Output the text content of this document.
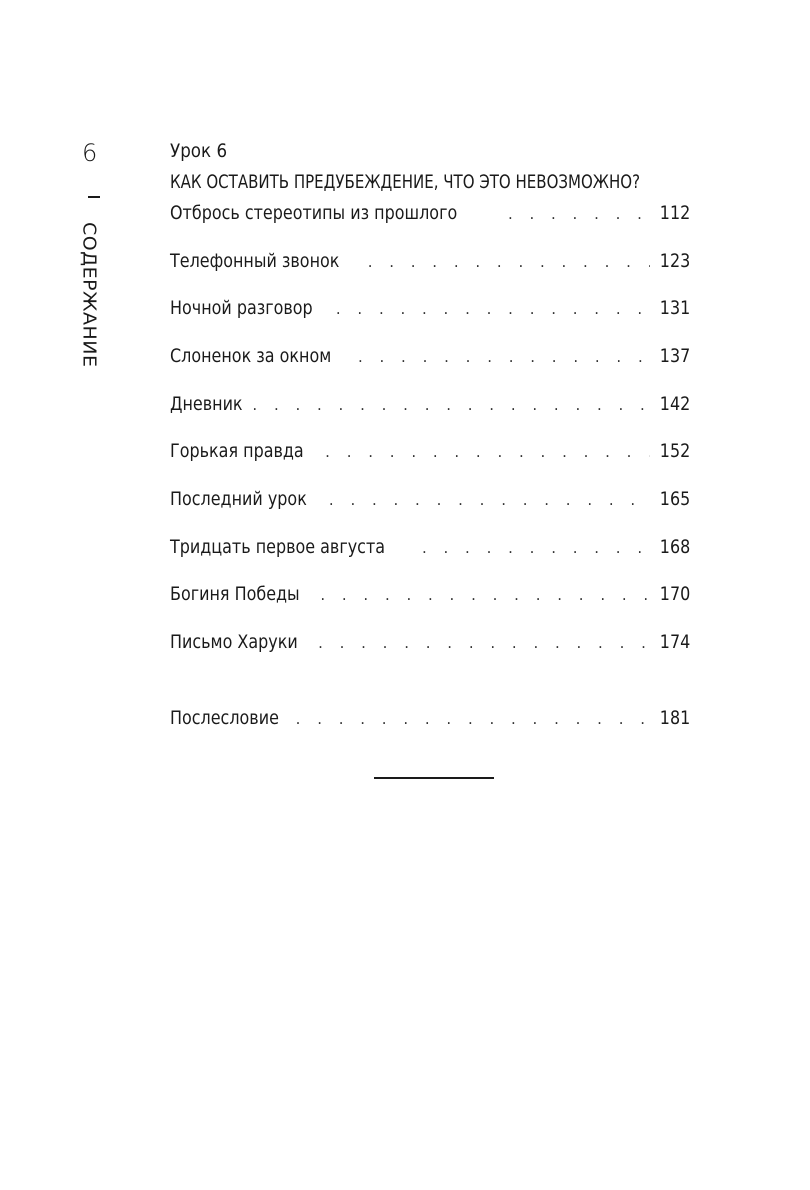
6
СОДЕРЖАНИЕ
Урок 6
КАК ОСТАВИТЬ ПРЕДУБЕЖДЕНИЕ, ЧТО ЭТО НЕВОЗМОЖНО?
Отбрось стереотипы из прошлого . . .	112
Телефонный звонок . . .	123
Ночной разговор . . .	131
Слоненок за окном . . .	137
Дневник . . .	142
Горькая правда . . .	152
Последний урок . . .	165
Тридцать первое августа . . .	168
Богиня Победы . . .	170
Письмо Харуки . . .	174
Послесловие . . .	181
